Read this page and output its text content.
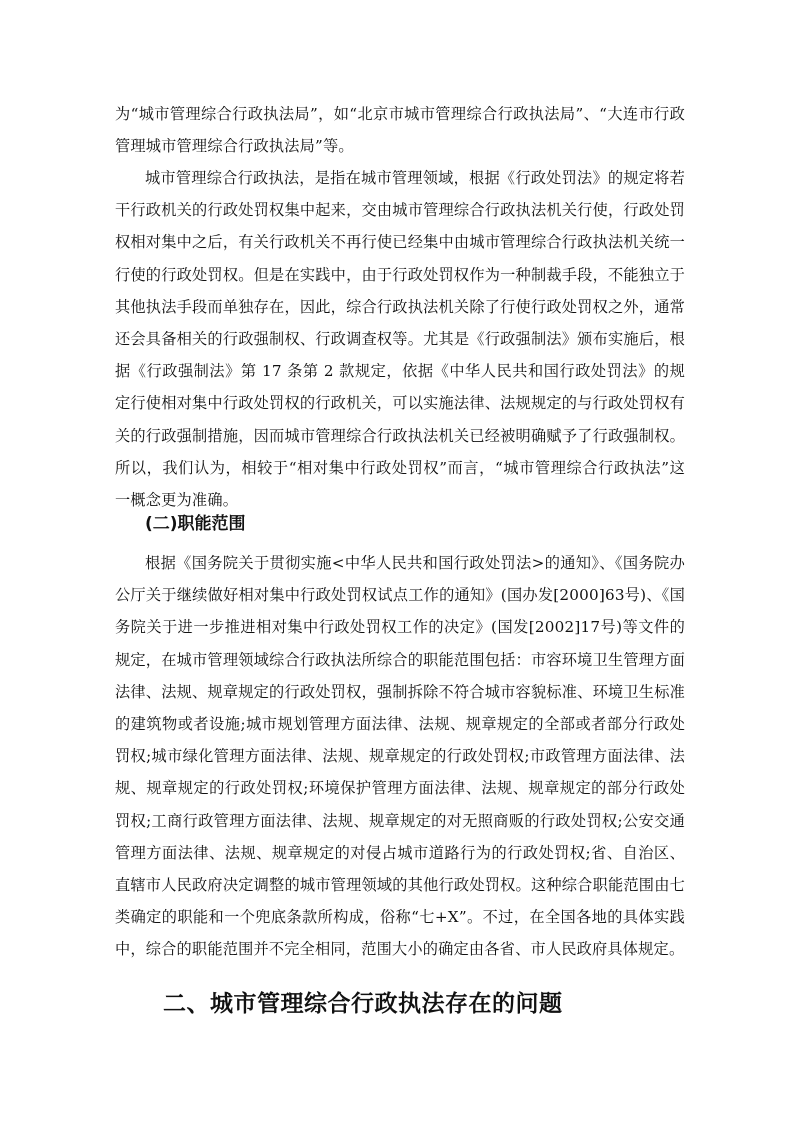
为“城市管理综合行政执法局”，如“北京市城市管理综合行政执法局”、“大连市行政管理城市管理综合行政执法局”等。

城市管理综合行政执法，是指在城市管理领域，根据《行政处罚法》的规定将若干行政机关的行政处罚权集中起来，交由城市管理综合行政执法机关行使，行政处罚权相对集中之后，有关行政机关不再行使已经集中由城市管理综合行政执法机关统一行使的行政处罚权。但是在实践中，由于行政处罚权作为一种制裁手段，不能独立于其他执法手段而单独存在，因此，综合行政执法机关除了行使行政处罚权之外，通常还会具备相关的行政强制权、行政调查权等。尤其是《行政强制法》颁布实施后，根据《行政强制法》第 17 条第 2 款规定，依据《中华人民共和国行政处罚法》的规定行使相对集中行政处罚权的行政机关，可以实施法律、法规规定的与行政处罚权有关的行政强制措施，因而城市管理综合行政执法机关已经被明确赋予了行政强制权。所以，我们认为，相较于“相对集中行政处罚权”而言，“城市管理综合行政执法”这一概念更为准确。

(二)职能范围

根据《国务院关于贯彻实施<中华人民共和国行政处罚法>的通知》、《国务院办公厅关于继续做好相对集中行政处罚权试点工作的通知》(国办发[2000]63号)、《国务院关于进一步推进相对集中行政处罚权工作的决定》(国发[2002]17号)等文件的规定，在城市管理领域综合行政执法所综合的职能范围包括：市容环境卫生管理方面法律、法规、规章规定的行政处罚权，强制拆除不符合城市容貌标准、环境卫生标准的建筑物或者设施;城市规划管理方面法律、法规、规章规定的全部或者部分行政处罚权;城市绿化管理方面法律、法规、规章规定的行政处罚权;市政管理方面法律、法规、规章规定的行政处罚权;环境保护管理方面法律、法规、规章规定的部分行政处罚权;工商行政管理方面法律、法规、规章规定的对无照商贩的行政处罚权;公安交通管理方面法律、法规、规章规定的对侵占城市道路行为的行政处罚权;省、自治区、直辖市人民政府决定调整的城市管理领域的其他行政处罚权。这种综合职能范围由七类确定的职能和一个兜底条款所构成，俗称“七+X”。不过，在全国各地的具体实践中，综合的职能范围并不完全相同，范围大小的确定由各省、市人民政府具体规定。

二、城市管理综合行政执法存在的问题
